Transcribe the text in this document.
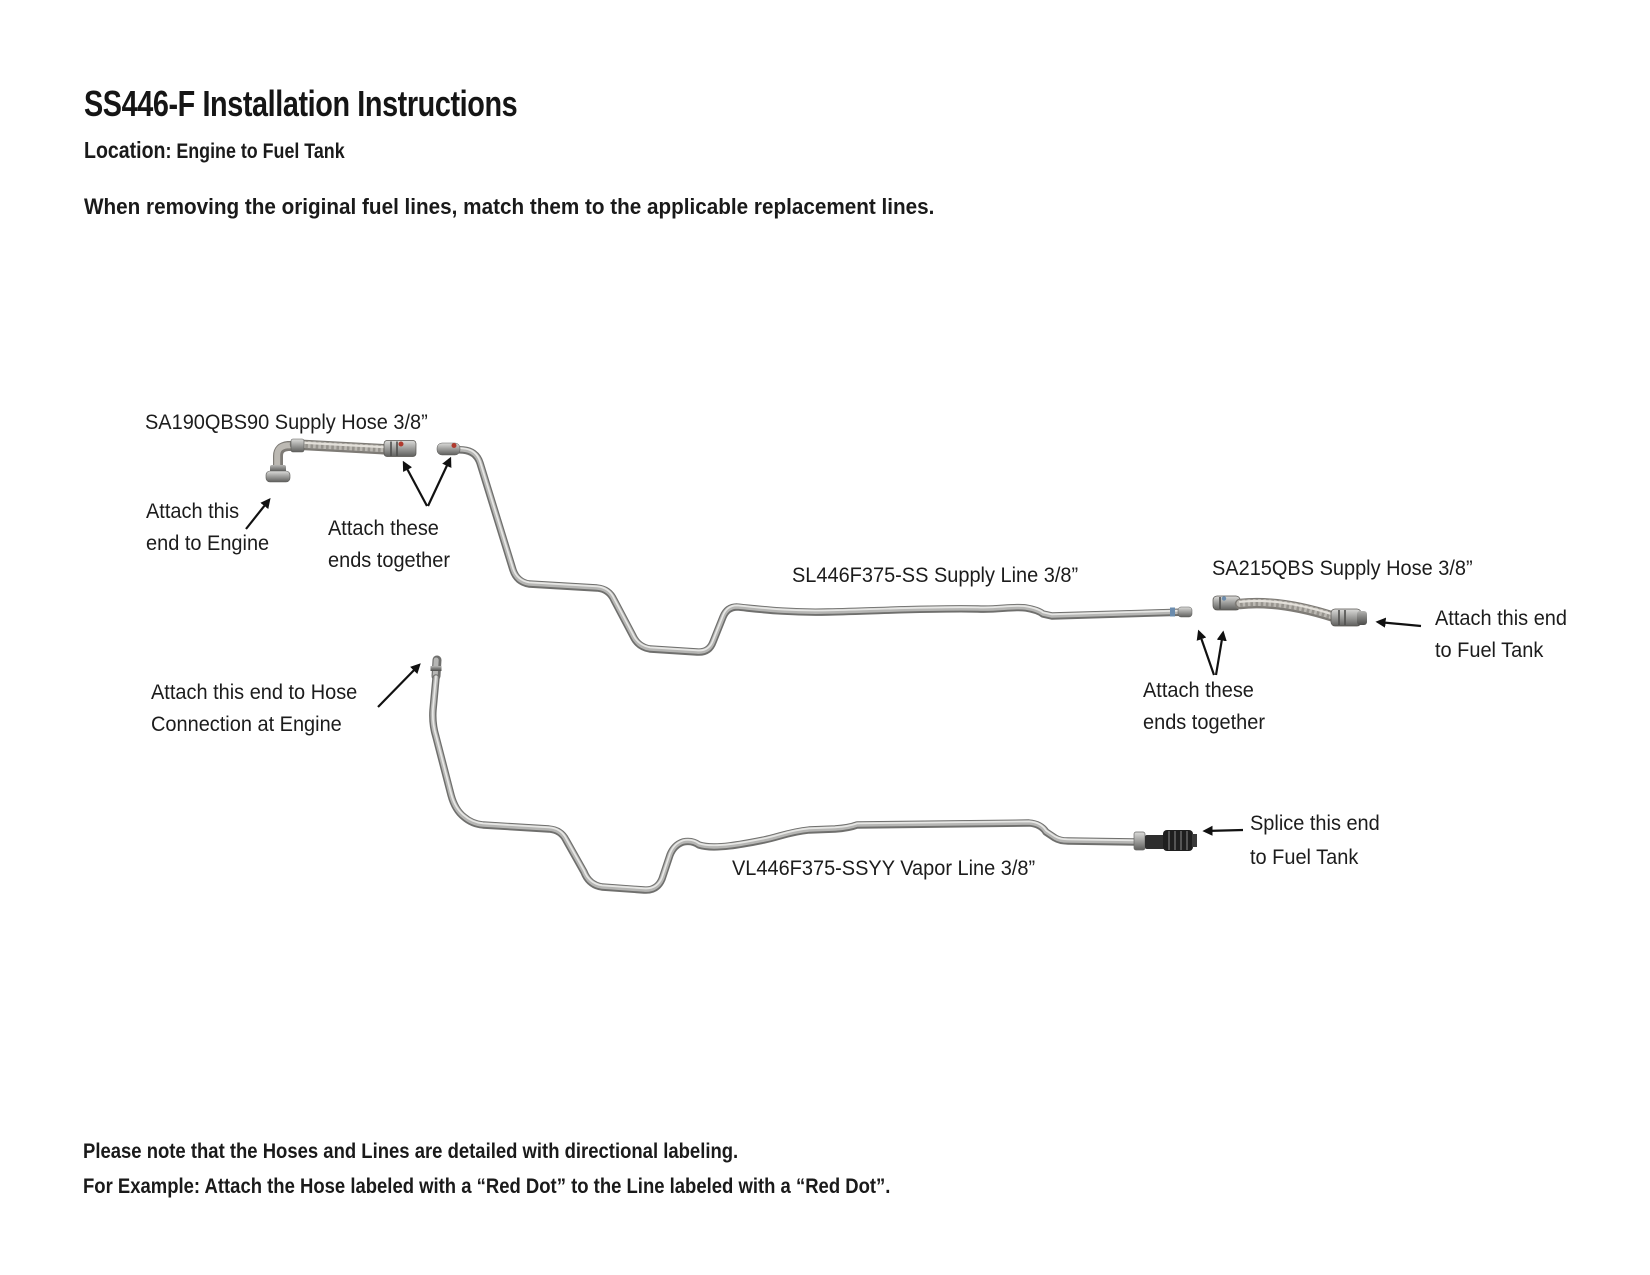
SS446-F Installation Instructions
Location: Engine to Fuel Tank
When removing the original fuel lines, match them to the applicable replacement lines.
SA190QBS90 Supply Hose 3/8”
SL446F375-SS Supply Line 3/8”	SA215QBS Supply Hose 3/8”
VL446F375-SSYY Vapor Line 3/8”
Attach this
end to Engine
Attach these
ends together
Attach this end
to Fuel Tank
Attach these
ends together
Attach this end to Hose
Connection at Engine
Splice this end
to Fuel Tank
Please note that the Hoses and Lines are detailed with directional labeling.
For Example: Attach the Hose labeled with a “Red Dot” to the Line labeled with a “Red Dot”.
